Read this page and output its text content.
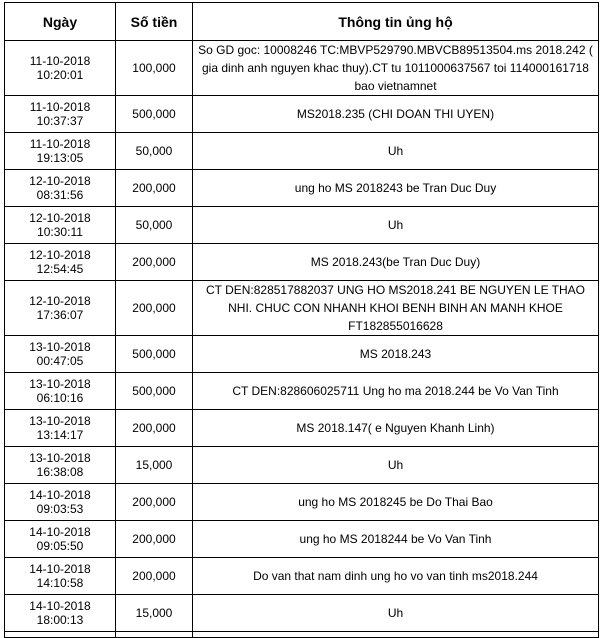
Ngày	Số tiền	Thông tin ủng hộ
11-10-2018 10:20:01	100,000	So GD goc: 10008246 TC:MBVP529790.MBVCB89513504.ms 2018.242 ( gia dinh anh nguyen khac thuy).CT tu 1011000637567 toi 114000161718 bao vietnamnet
11-10-2018 10:37:37	500,000	MS2018.235 (CHI DOAN THI UYEN)
11-10-2018 19:13:05	50,000	Uh
12-10-2018 08:31:56	200,000	ung ho MS 2018243 be Tran Duc Duy
12-10-2018 10:30:11	50,000	Uh
12-10-2018 12:54:45	200,000	MS 2018.243(be Tran Duc Duy)
12-10-2018 17:36:07	200,000	CT DEN:828517882037 UNG HO MS2018.241 BE NGUYEN LE THAO NHI. CHUC CON NHANH KHOI BENH BINH AN MANH KHOE FT182855016628
13-10-2018 00:47:05	500,000	MS 2018.243
13-10-2018 06:10:16	500,000	CT DEN:828606025711 Ung ho ma 2018.244 be Vo Van Tinh
13-10-2018 13:14:17	200,000	MS 2018.147( e Nguyen Khanh Linh)
13-10-2018 16:38:08	15,000	Uh
14-10-2018 09:03:53	200,000	ung ho MS 2018245 be Do Thai Bao
14-10-2018 09:05:50	200,000	ung ho MS 2018244 be Vo Van Tinh
14-10-2018 14:10:58	200,000	Do van that nam dinh ung ho vo van tinh ms2018.244
14-10-2018 18:00:13	15,000	Uh
